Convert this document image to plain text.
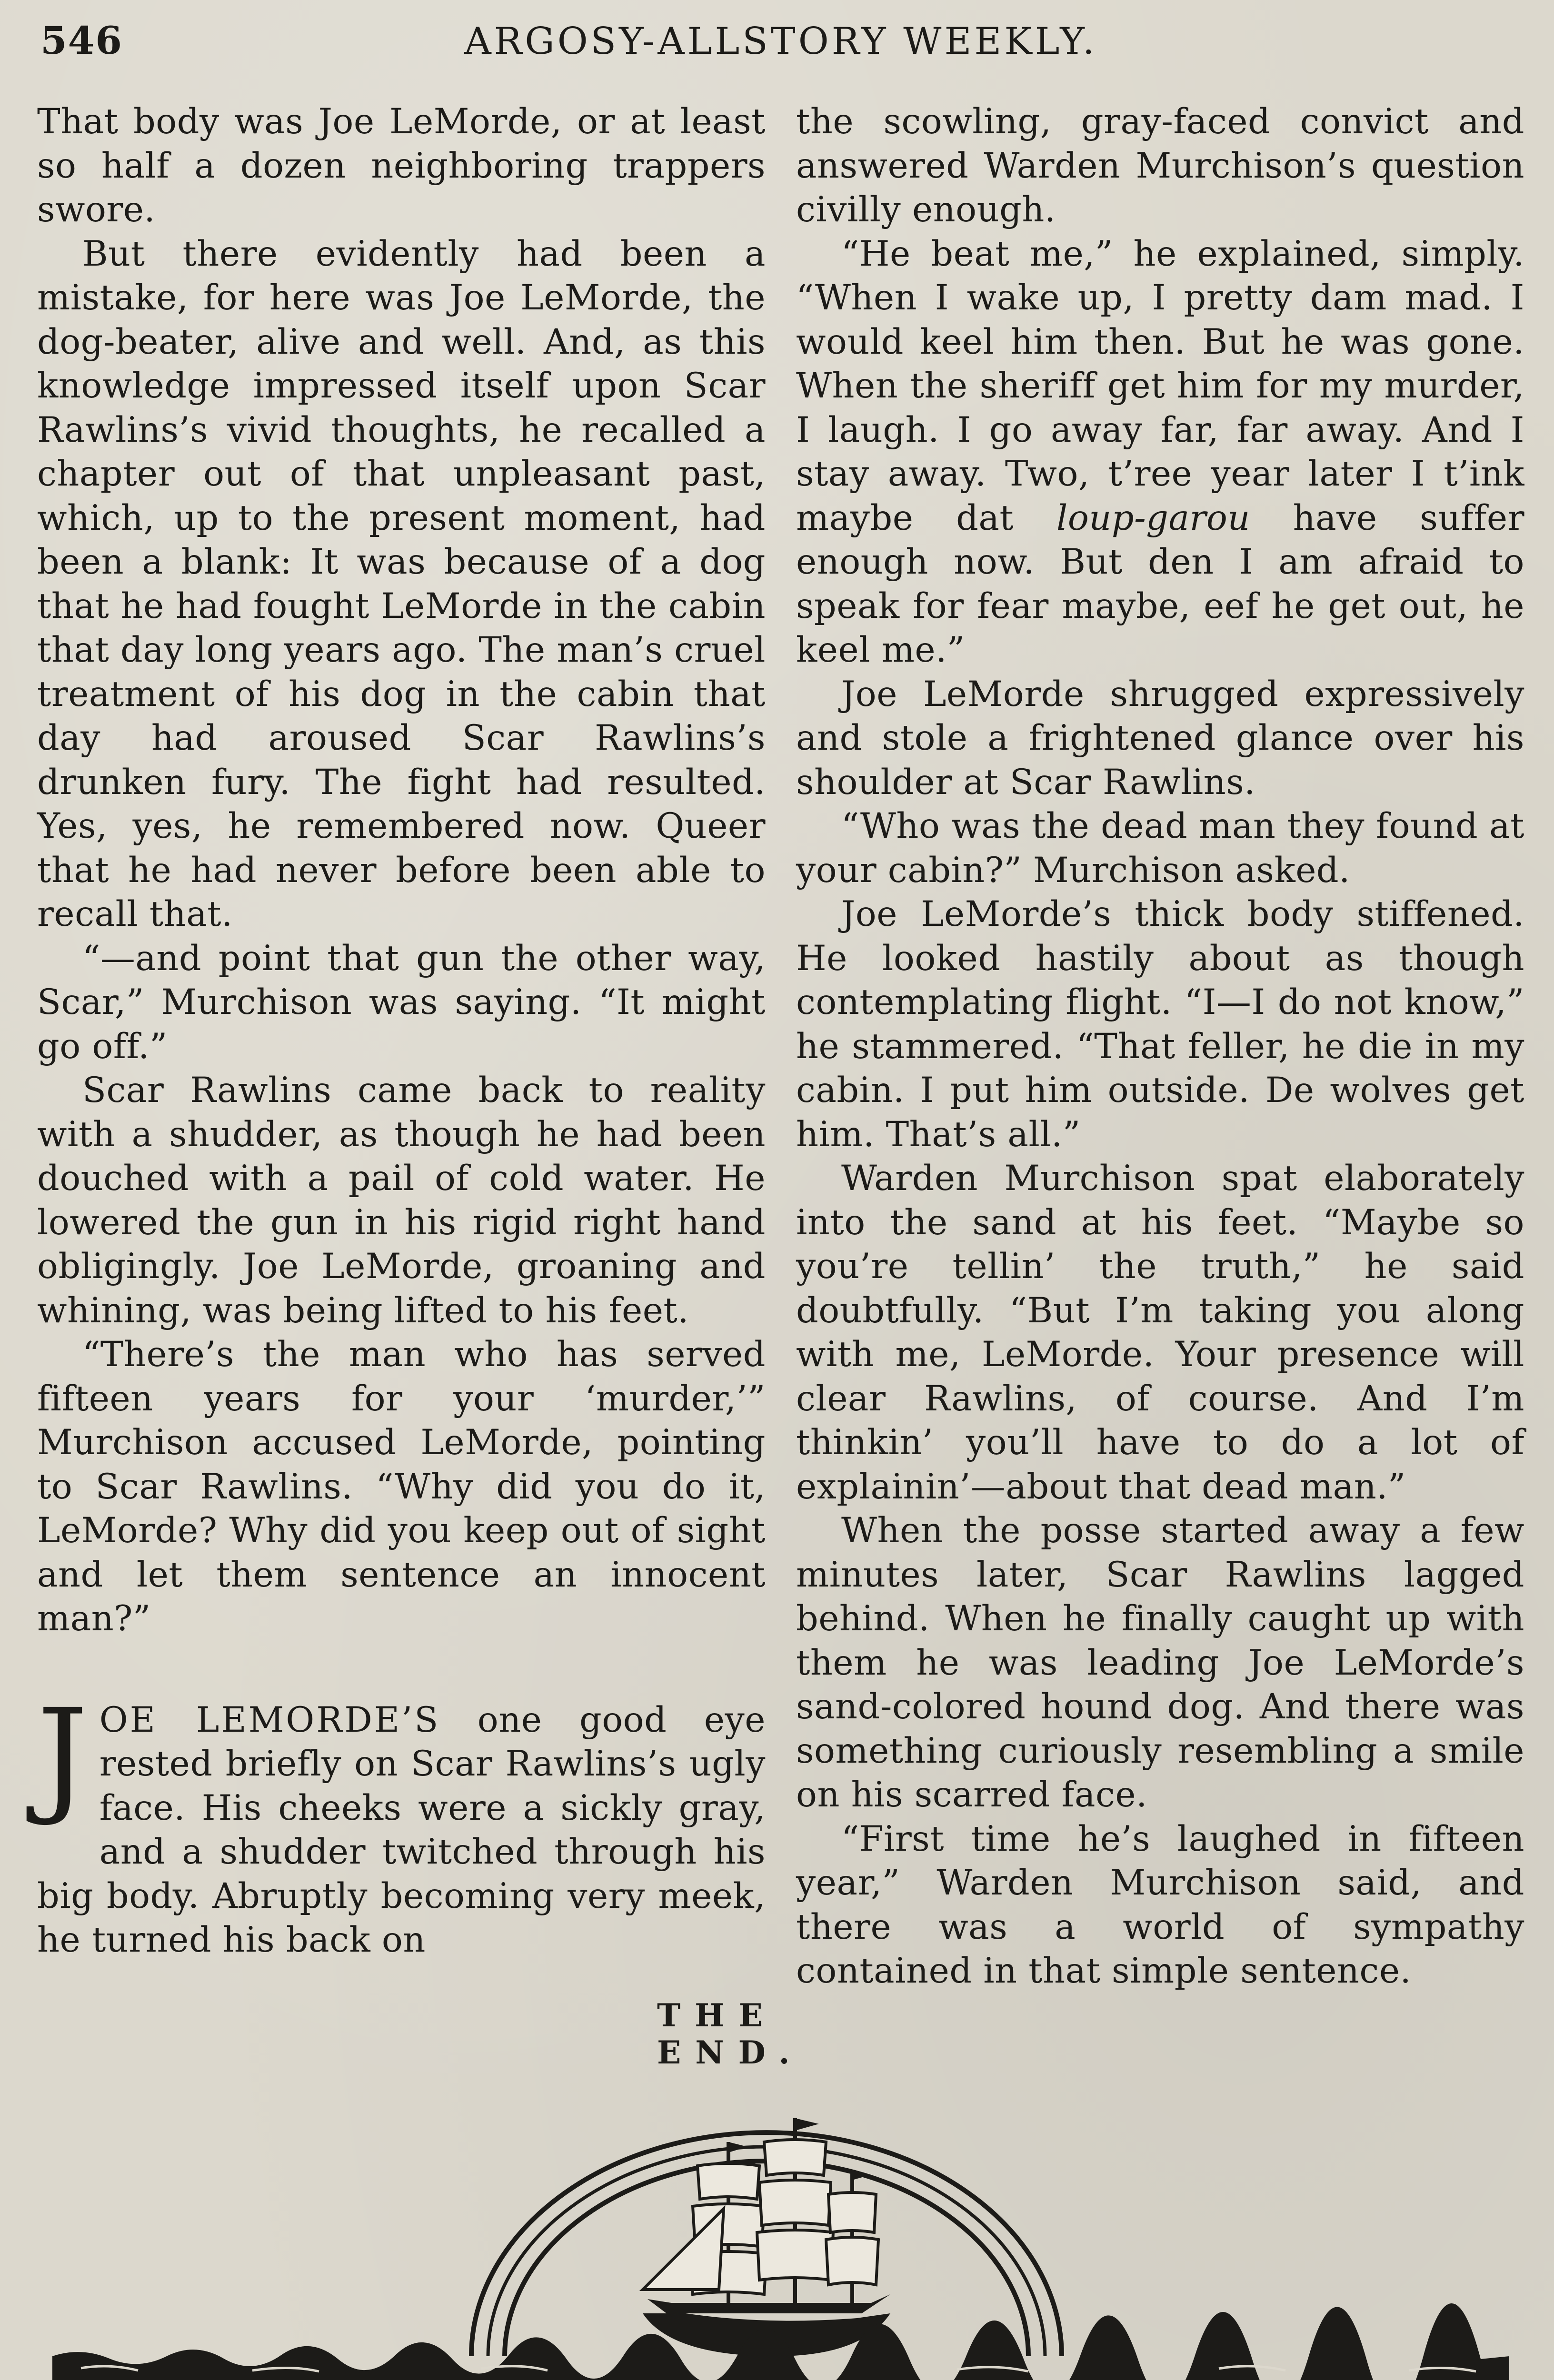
546	ARGOSY-ALLSTORY WEEKLY.

That body was Joe LeMorde, or at least so half a dozen neighboring trappers swore.

But there evidently had been a mistake, for here was Joe LeMorde, the dog-beater, alive and well. And, as this knowledge impressed itself upon Scar Rawlins’s vivid thoughts, he recalled a chapter out of that unpleasant past, which, up to the present moment, had been a blank: It was because of a dog that he had fought LeMorde in the cabin that day long years ago. The man’s cruel treatment of his dog in the cabin that day had aroused Scar Rawlins’s drunken fury. The fight had resulted. Yes, yes, he remembered now. Queer that he had never before been able to recall that.

“—and point that gun the other way, Scar,” Murchison was saying. “It might go off.”

Scar Rawlins came back to reality with a shudder, as though he had been douched with a pail of cold water. He lowered the gun in his rigid right hand obligingly. Joe LeMorde, groaning and whining, was being lifted to his feet.

“There’s the man who has served fifteen years for your ‘murder,’” Murchison accused LeMorde, pointing to Scar Rawlins. “Why did you do it, LeMorde? Why did you keep out of sight and let them sentence an innocent man?”

JOE LEMORDE’S one good eye rested briefly on Scar Rawlins’s ugly face. His cheeks were a sickly gray, and a shudder twitched through his big body. Abruptly becoming very meek, he turned his back on

the scowling, gray-faced convict and answered Warden Murchison’s question civilly enough.

“He beat me,” he explained, simply. “When I wake up, I pretty dam mad. I would keel him then. But he was gone. When the sheriff get him for my murder, I laugh. I go away far, far away. And I stay away. Two, t’ree year later I t’ink maybe dat loup-garou have suffer enough now. But den I am afraid to speak for fear maybe, eef he get out, he keel me.”

Joe LeMorde shrugged expressively and stole a frightened glance over his shoulder at Scar Rawlins.

“Who was the dead man they found at your cabin?” Murchison asked.

Joe LeMorde’s thick body stiffened. He looked hastily about as though contemplating flight. “I—I do not know,” he stammered. “That feller, he die in my cabin. I put him outside. De wolves get him. That’s all.”

Warden Murchison spat elaborately into the sand at his feet. “Maybe so you’re tellin’ the truth,” he said doubtfully. “But I’m taking you along with me, LeMorde. Your presence will clear Rawlins, of course. And I’m thinkin’ you’ll have to do a lot of explainin’—about that dead man.”

When the posse started away a few minutes later, Scar Rawlins lagged behind. When he finally caught up with them he was leading Joe LeMorde’s sand-colored hound dog. And there was something curiously resembling a smile on his scarred face.

“First time he’s laughed in fifteen year,” Warden Murchison said, and there was a world of sympathy contained in that simple sentence.

THE END.
